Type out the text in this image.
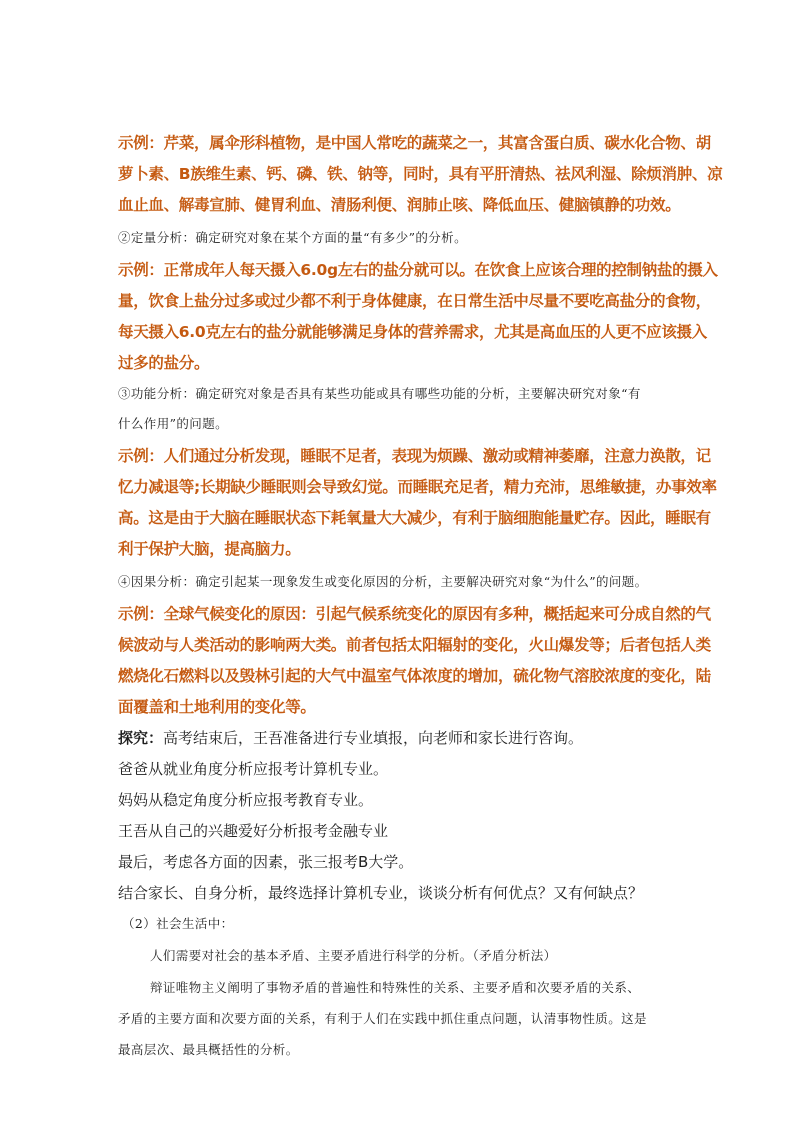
示例：芹菜，属伞形科植物，是中国人常吃的蔬菜之一，其富含蛋白质、碳水化合物、胡
萝卜素、B族维生素、钙、磷、铁、钠等，同时，具有平肝清热、祛风利湿、除烦消肿、凉
血止血、解毒宣肺、健胃利血、清肠利便、润肺止咳、降低血压、健脑镇静的功效。
②定量分析：确定研究对象在某个方面的量“有多少”的分析。
示例：正常成年人每天摄入6.0g左右的盐分就可以。在饮食上应该合理的控制钠盐的摄入
量，饮食上盐分过多或过少都不利于身体健康，在日常生活中尽量不要吃高盐分的食物，
每天摄入6.0克左右的盐分就能够满足身体的营养需求，尤其是高血压的人更不应该摄入
过多的盐分。
③功能分析：确定研究对象是否具有某些功能或具有哪些功能的分析，主要解决研究对象“有
什么作用”的问题。
示例：人们通过分析发现，睡眠不足者，表现为烦躁、激动或精神萎靡，注意力涣散，记
忆力减退等;长期缺少睡眠则会导致幻觉。而睡眠充足者，精力充沛，思维敏捷，办事效率
高。这是由于大脑在睡眠状态下耗氧量大大减少，有利于脑细胞能量贮存。因此，睡眠有
利于保护大脑，提高脑力。
④因果分析：确定引起某一现象发生或变化原因的分析，主要解决研究对象“为什么”的问题。
示例：全球气候变化的原因：引起气候系统变化的原因有多种，概括起来可分成自然的气
候波动与人类活动的影响两大类。前者包括太阳辐射的变化，火山爆发等；后者包括人类
燃烧化石燃料以及毁林引起的大气中温室气体浓度的增加，硫化物气溶胶浓度的变化，陆
面覆盖和土地利用的变化等。
探究：高考结束后，王吾准备进行专业填报，向老师和家长进行咨询。
爸爸从就业角度分析应报考计算机专业。
妈妈从稳定角度分析应报考教育专业。
王吾从自己的兴趣爱好分析报考金融专业
最后，考虑各方面的因素，张三报考B大学。
结合家长、自身分析，最终选择计算机专业，谈谈分析有何优点？又有何缺点？
（2）社会生活中：
人们需要对社会的基本矛盾、主要矛盾进行科学的分析。（矛盾分析法）
辩证唯物主义阐明了事物矛盾的普遍性和特殊性的关系、主要矛盾和次要矛盾的关系、
矛盾的主要方面和次要方面的关系，有利于人们在实践中抓住重点问题，认清事物性质。这是
最高层次、最具概括性的分析。
